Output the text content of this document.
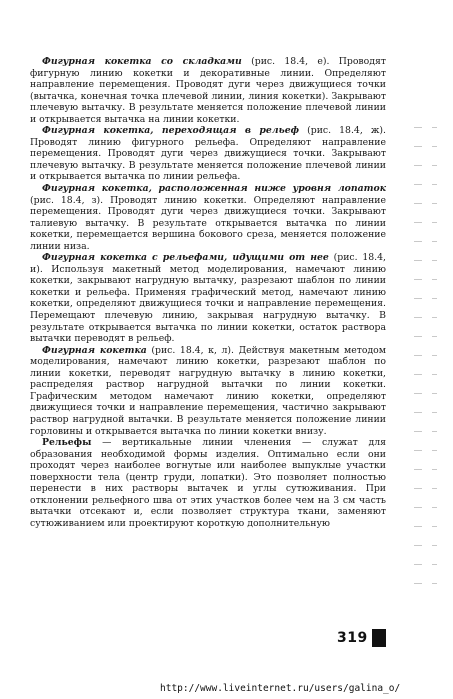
Фигурная кокетка со складками (рис. 18.4, е). Проводят фигурную линию кокетки и декоративные линии. Определяют направление перемещения. Проводят дуги через движущиеся точки (вытачка, конечная точка плечевой линии, линия кокетки). Закрывают плечевую вытачку. В результате меняется положение плечевой линии и открывается вытачка на линии кокетки.

Фигурная кокетка, переходящая в рельеф (рис. 18.4, ж). Проводят линию фигурного рельефа. Определяют направление перемещения. Проводят дуги через движущиеся точки. Закрывают плечевую вытачку. В результате меняется положение плечевой линии и открывается вытачка по линии рельефа.

Фигурная кокетка, расположенная ниже уровня лопаток (рис. 18.4, з). Проводят линию кокетки. Определяют направление перемещения. Проводят дуги через движущиеся точки. Закрывают талиевую вытачку. В результате открывается вытачка по линии кокетки, перемещается вершина бокового среза, меняется положение линии низа.

Фигурная кокетка с рельефами, идущими от нее (рис. 18.4, и). Используя макетный метод моделирования, намечают линию кокетки, закрывают нагрудную вытачку, разрезают шаблон по линии кокетки и рельефа. Применяя графический метод, намечают линию кокетки, определяют движущиеся точки и направление перемещения. Перемещают плечевую линию, закрывая нагрудную вытачку. В результате открывается вытачка по линии кокетки, остаток раствора вытачки переводят в рельеф.

Фигурная кокетка (рис. 18.4, к, л). Действуя макетным методом моделирования, намечают линию кокетки, разрезают шаблон по линии кокетки, переводят нагрудную вытачку в линию кокетки, распределяя раствор нагрудной вытачки по линии кокетки. Графическим методом намечают линию кокетки, определяют движущиеся точки и направление перемещения, частично закрывают раствор нагрудной вытачки. В результате меняется положение линии горловины и открывается вытачка по линии кокетки внизу.

Рельефы — вертикальные линии членения — служат для образования необходимой формы изделия. Оптимально если они проходят через наиболее вогнутые или наиболее выпуклые участки поверхности тела (центр груди, лопатки). Это позволяет полностью перенести в них растворы вытачек и углы сутюживания. При отклонении рельефного шва от этих участков более чем на 3 см часть вытачки отсекают и, если позволяет структура ткани, заменяют сутюживанием или проектируют короткую дополнительную

319
http://www.liveinternet.ru/users/galina_o/
